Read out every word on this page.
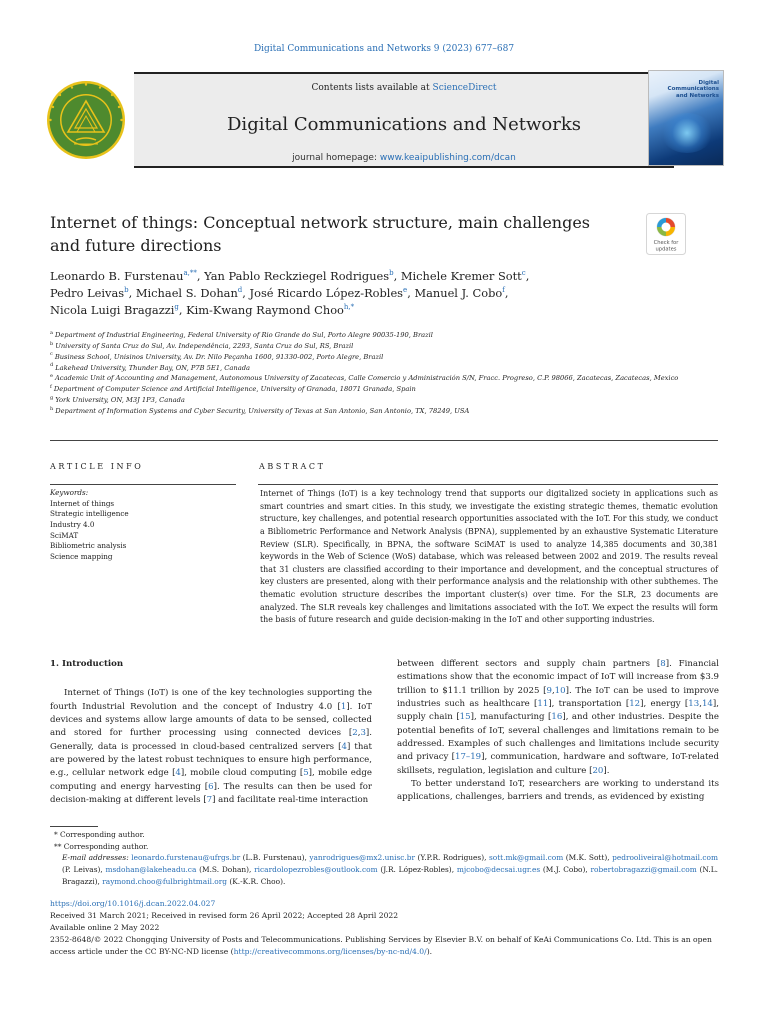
Digital Communications and Networks 9 (2023) 677–687
Contents lists available at ScienceDirect
Digital Communications and Networks
journal homepage: www.keaipublishing.com/dcan
Digital Communications
and Networks
Internet of things: Conceptual network structure, main challenges and future directions	Check for
updates
Leonardo B. Furstenau$^{a,**}$, Yan Pablo Reckziegel Rodrigues$^b$, Michele Kremer Sott$^c$,
Pedro Leivas$^b$, Michael S. Dohan$^d$, José Ricardo López-Robles$^e$, Manuel J. Cobo$^f$,
Nicola Luigi Bragazzi$^g$, Kim-Kwang Raymond Choo$^{h,*}$
$^a$ Department of Industrial Engineering, Federal University of Rio Grande do Sul, Porto Alegre 90035-190, Brazil
$^b$ University of Santa Cruz do Sul, Av. Independência, 2293, Santa Cruz do Sul, RS, Brazil
$^c$ Business School, Unisinos University, Av. Dr. Nilo Peçanha 1600, 91330-002, Porto Alegre, Brazil
$^d$ Lakehead University, Thunder Bay, ON, P7B 5E1, Canada
$^e$ Academic Unit of Accounting and Management, Autonomous University of Zacatecas, Calle Comercio y Administración S/N, Fracc. Progreso, C.P. 98066, Zacatecas, Zacatecas, Mexico
$^f$ Department of Computer Science and Artificial Intelligence, University of Granada, 18071 Granada, Spain
$^g$ York University, ON, M3J 1P3, Canada
$^h$ Department of Information Systems and Cyber Security, University of Texas at San Antonio, San Antonio, TX, 78249, USA
ARTICLE INFO	ABSTRACT
Keywords:
Internet of things
Strategic intelligence
Industry 4.0
SciMAT
Bibliometric analysis
Science mapping
Internet of Things (IoT) is a key technology trend that supports our digitalized society in applications such as smart countries and smart cities. In this study, we investigate the existing strategic themes, thematic evolution structure, key challenges, and potential research opportunities associated with the IoT. For this study, we conduct a Bibliometric Performance and Network Analysis (BPNA), supplemented by an exhaustive Systematic Literature Review (SLR). Specifically, in BPNA, the software SciMAT is used to analyze 14,385 documents and 30,381 keywords in the Web of Science (WoS) database, which was released between 2002 and 2019. The results reveal that 31 clusters are classified according to their importance and development, and the conceptual structures of key clusters are presented, along with their performance analysis and the relationship with other subthemes. The thematic evolution structure describes the important cluster(s) over time. For the SLR, 23 documents are analyzed. The SLR reveals key challenges and limitations associated with the IoT. We expect the results will form the basis of future research and guide decision-making in the IoT and other supporting industries.
1. Introduction

Internet of Things (IoT) is one of the key technologies supporting the fourth Industrial Revolution and the concept of Industry 4.0 [1]. IoT devices and systems allow large amounts of data to be sensed, collected and stored for further processing using connected devices [2,3]. Generally, data is processed in cloud-based centralized servers [4] that are powered by the latest robust techniques to ensure high performance, e.g., cellular network edge [4], mobile cloud computing [5], mobile edge computing and energy harvesting [6]. The results can then be used for decision-making at different levels [7] and facilitate real-time interaction

between different sectors and supply chain partners [8]. Financial estimations show that the economic impact of IoT will increase from $3.9 trillion to $11.1 trillion by 2025 [9,10]. The IoT can be used to improve industries such as healthcare [11], transportation [12], energy [13,14], supply chain [15], manufacturing [16], and other industries. Despite the potential benefits of IoT, several challenges and limitations remain to be addressed. Examples of such challenges and limitations include security and privacy [17–19], communication, hardware and software, IoT-related skillsets, regulation, legislation and culture [20].

To better understand IoT, researchers are working to understand its applications, challenges, barriers and trends, as evidenced by existing

* Corresponding author.
** Corresponding author.
E-mail addresses: leonardo.furstenau@ufrgs.br (L.B. Furstenau), yanrodrigues@mx2.unisc.br (Y.P.R. Rodrigues), sott.mk@gmail.com (M.K. Sott), pedrooliveiral@hotmail.com (P. Leivas), msdohan@lakeheadu.ca (M.S. Dohan), ricardolopezrobles@outlook.com (J.R. López-Robles), mjcobo@decsai.ugr.es (M.J. Cobo), robertobragazzi@gmail.com (N.L. Bragazzi), raymond.choo@fulbrightmail.org (K.-K.R. Choo).
https://doi.org/10.1016/j.dcan.2022.04.027
Received 31 March 2021; Received in revised form 26 April 2022; Accepted 28 April 2022
Available online 2 May 2022
2352-8648/© 2022 Chongqing University of Posts and Telecommunications. Publishing Services by Elsevier B.V. on behalf of KeAi Communications Co. Ltd. This is an open access article under the CC BY-NC-ND license (http://creativecommons.org/licenses/by-nc-nd/4.0/).
